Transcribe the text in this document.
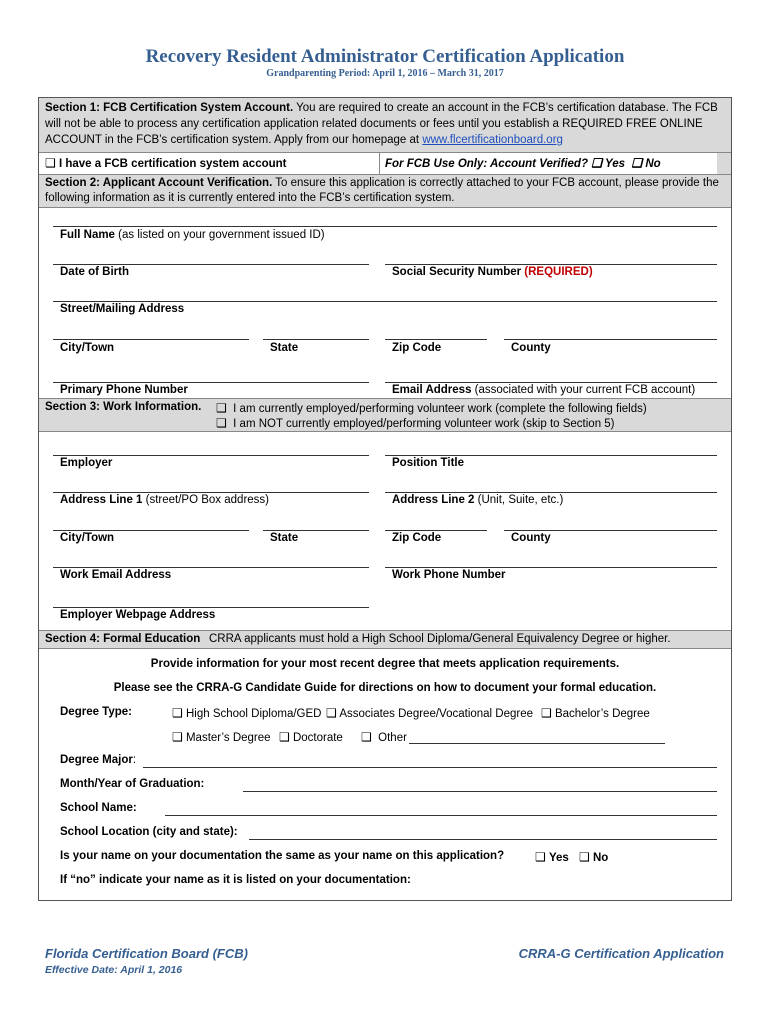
Recovery Resident Administrator Certification Application
Grandparenting Period: April 1, 2016 – March 31, 2017
Section 1: FCB Certification System Account. You are required to create an account in the FCB’s certification database. The FCB
will not be able to process any certification application related documents or fees until you establish a REQUIRED FREE ONLINE
ACCOUNT in the FCB’s certification system. Apply from our homepage at www.flcertificationboard.org
❑ I have a FCB certification system account	For FCB Use Only: Account Verified? ❑ Yes ❑ No
Section 2: Applicant Account Verification. To ensure this application is correctly attached to your FCB account, please provide the
following information as it is currently entered into the FCB’s certification system.
Full Name (as listed on your government issued ID)
Date of Birth	Social Security Number (REQUIRED)
Street/Mailing Address
City/Town	State	Zip Code	County
Primary Phone Number	Email Address (associated with your current FCB account)
Section 3: Work Information. ❑ I am currently employed/performing volunteer work (complete the following fields)
❑ I am NOT currently employed/performing volunteer work (skip to Section 5)
Employer	Position Title
Address Line 1 (street/PO Box address)	Address Line 2 (Unit, Suite, etc.)
City/Town	State	Zip Code	County
Work Email Address	Work Phone Number
Employer Webpage Address
Section 4: Formal Education CRRA applicants must hold a High School Diploma/General Equivalency Degree or higher.
Provide information for your most recent degree that meets application requirements.
Please see the CRRA-G Candidate Guide for directions on how to document your formal education.
Degree Type:	❑ High School Diploma/GED ❑ Associates Degree/Vocational Degree ❑ Bachelor’s Degree
❑ Master’s Degree ❑ Doctorate ❑ Other
Degree Major:
Month/Year of Graduation:
School Name:
School Location (city and state):
Is your name on your documentation the same as your name on this application?	❑ Yes ❑ No
If “no” indicate your name as it is listed on your documentation:
Florida Certification Board (FCB)
Effective Date: April 1, 2016
CRRA-G Certification Application
